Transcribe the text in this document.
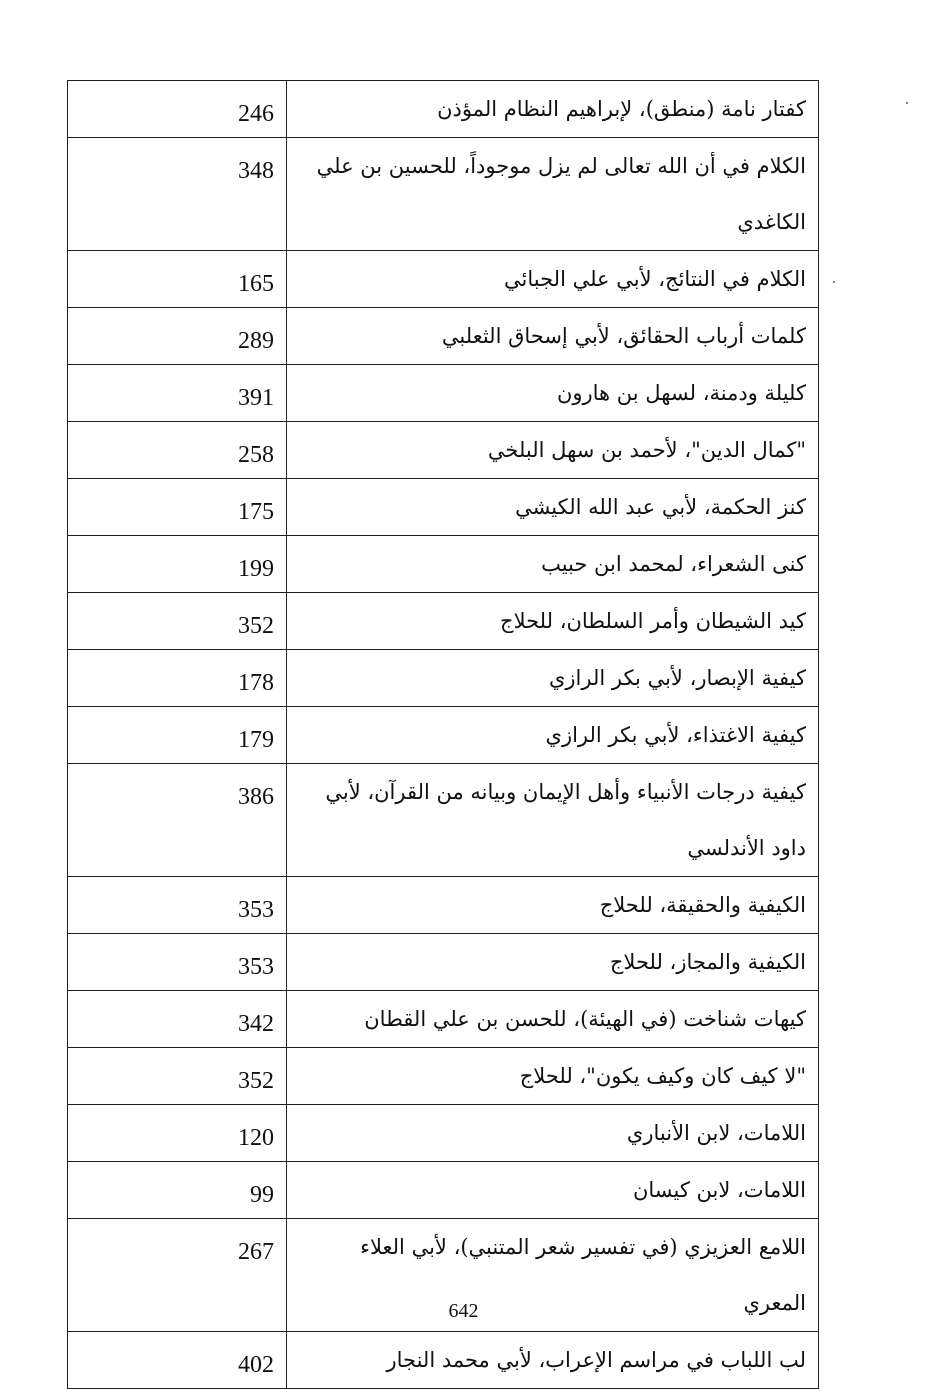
246	كفتار نامة (منطق)، لإبراهيم النظام المؤذن

348	الكلام في أن الله تعالى لم يزل موجوداً، للحسين بن علي الكاغدي

165	الكلام في النتائج، لأبي علي الجبائي

289	كلمات أرباب الحقائق، لأبي إسحاق الثعلبي

391	كليلة ودمنة، لسهل بن هارون

258	"كمال الدين"، لأحمد بن سهل البلخي

175	كنز الحكمة، لأبي عبد الله الكيشي

199	كنى الشعراء، لمحمد ابن حبيب

352	كيد الشيطان وأمر السلطان، للحلاج

178	كيفية الإبصار، لأبي بكر الرازي

179	كيفية الاغتذاء، لأبي بكر الرازي

386	كيفية درجات الأنبياء وأهل الإيمان وبيانه من القرآن، لأبي داود الأندلسي

353	الكيفية والحقيقة، للحلاج

353	الكيفية والمجاز، للحلاج

342	كيهات شناخت (في الهيئة)، للحسن بن علي القطان

352	"لا كيف كان وكيف يكون"، للحلاج

120	اللامات، لابن الأنباري

99	اللامات، لابن كيسان

267	اللامع العزيزي (في تفسير شعر المتنبي)، لأبي العلاء المعري

402	لب اللباب في مراسم الإعراب، لأبي محمد النجار
642
